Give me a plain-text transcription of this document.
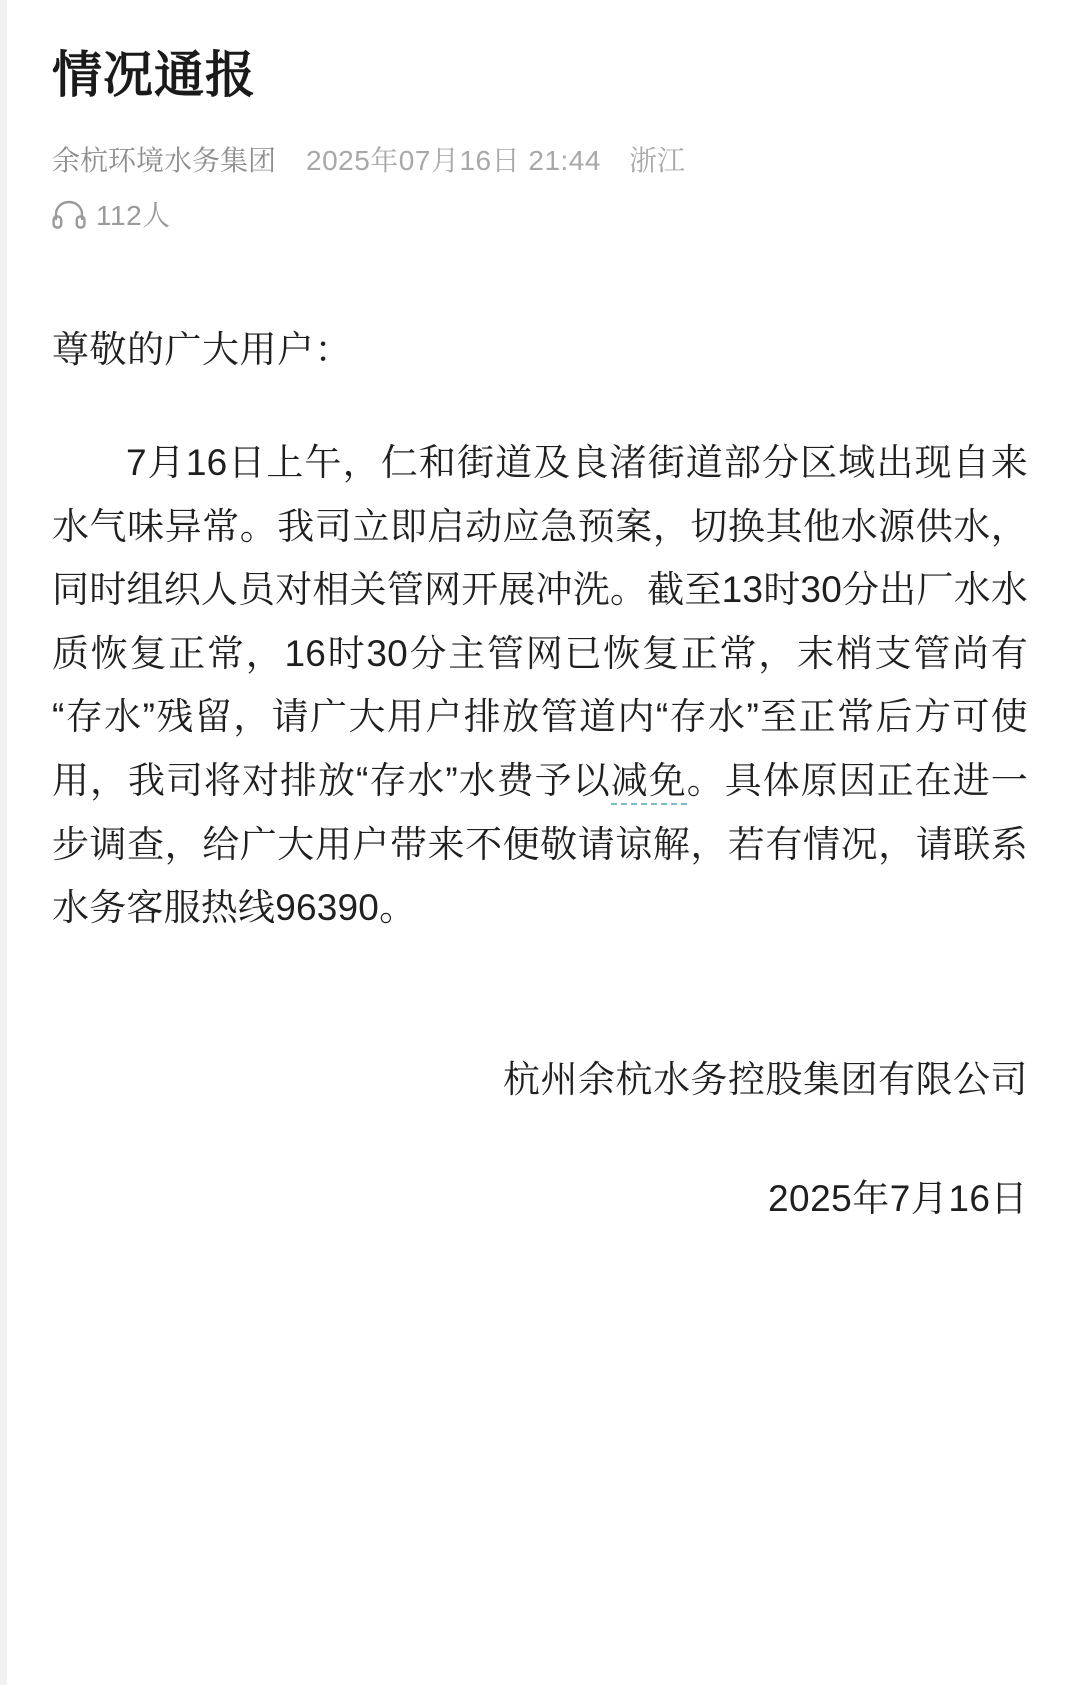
情况通报
余杭环境水务集团 2025年07月16日 21:44 浙江
112人
尊敬的广大用户：

7月16日上午，仁和街道及良渚街道部分区域出现自来水气味异常。我司立即启动应急预案，切换其他水源供水，同时组织人员对相关管网开展冲洗。截至13时30分出厂水水质恢复正常，16时30分主管网已恢复正常，末梢支管尚有“存水”残留，请广大用户排放管道内“存水”至正常后方可使用，我司将对排放“存水”水费予以减免。具体原因正在进一步调查，给广大用户带来不便敬请谅解，若有情况，请联系水务客服热线96390。

杭州余杭水务控股集团有限公司
2025年7月16日
